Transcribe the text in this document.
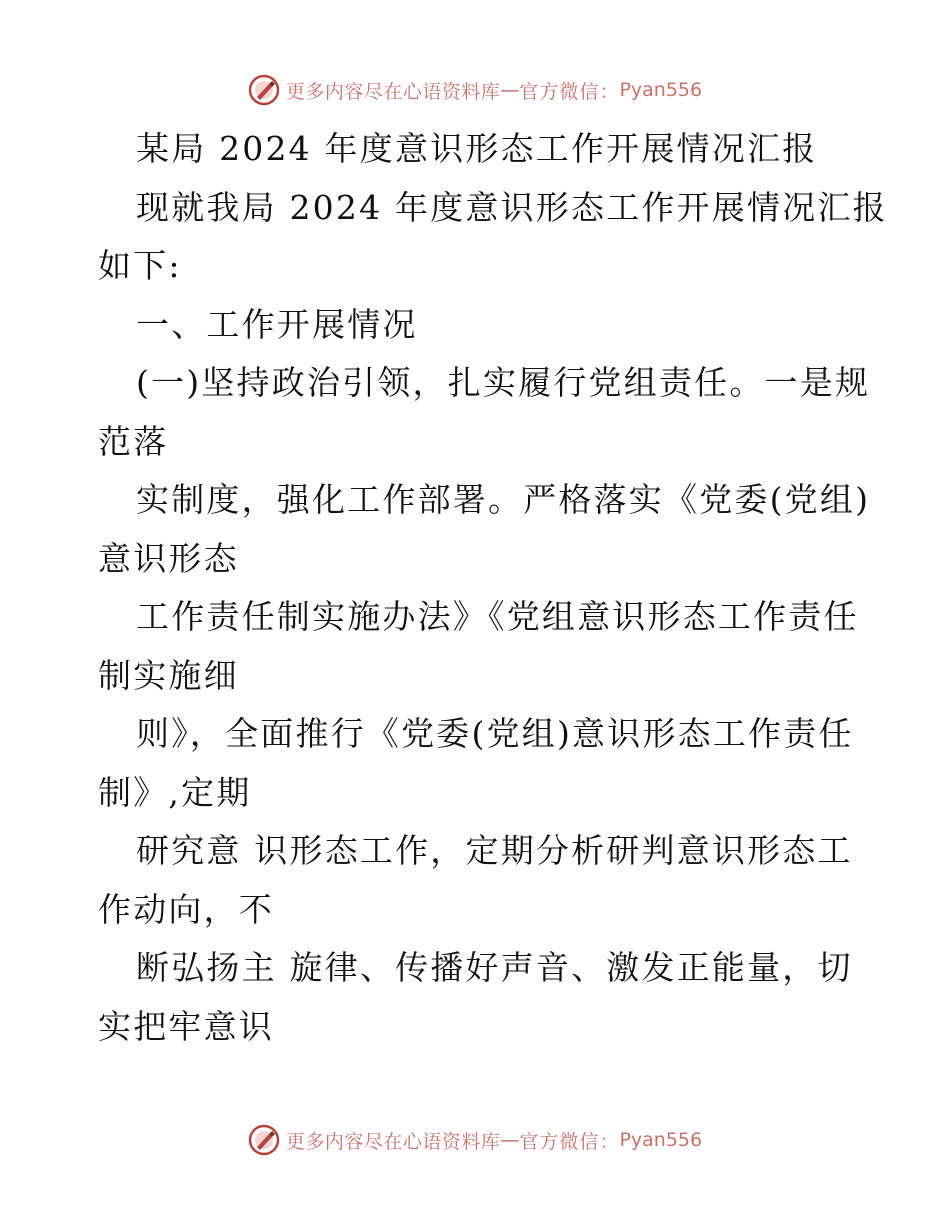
更多内容尽在心语资料库 — 官方微信： Pyan556
某局 2024 年度意识形态工作开展情况汇报
现就我局 2024 年度意识形态工作开展情况汇报
如下:
一、工作开展情况
(一)坚持政治引领，扎实履行党组责任。一是规
范落
实制度，强化工作部署。严格落实《党委(党组)
意识形态
工作责任制实施办法》《党组意识形态工作责任
制实施细
则》，全面推行《党委(党组)意识形态工作责任
制》,定期
研究意 识形态工作，定期分析研判意识形态工
作动向，不
断弘扬主 旋律、传播好声音、激发正能量，切
实把牢意识
更多内容尽在心语资料库 — 官方微信： Pyan556
